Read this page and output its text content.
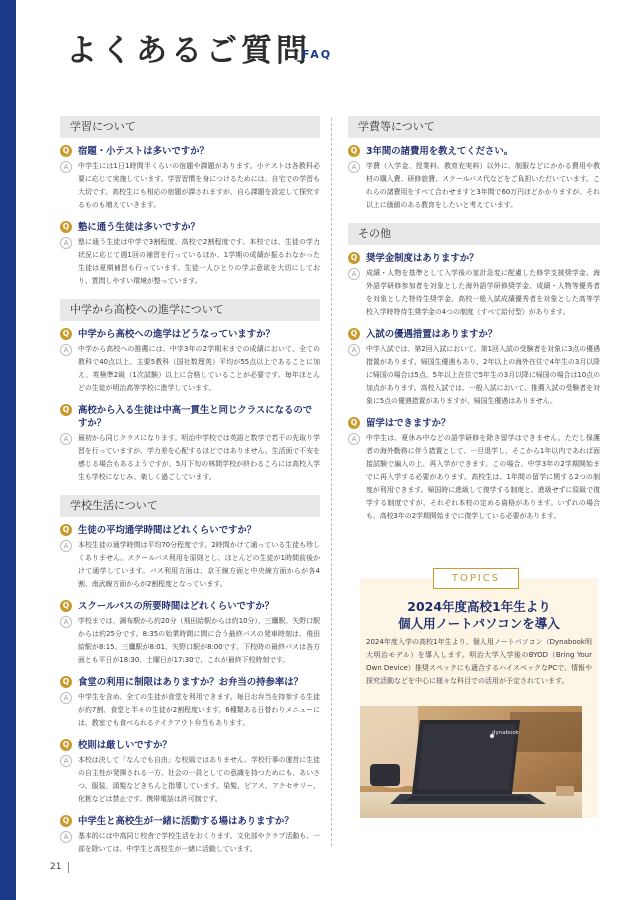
よくあるご質問
FAQ
学習について
Q 宿題・小テストは多いですか？
A	中学生には1日1時間半くらいの宿題や課題があります。小テストは各教科必要に応じて実施しています。学習習慣を身につけるためには、自宅での学習も大切です。高校生にも相応の宿題が課されますが、自ら課題を設定して探究するものも増えていきます。

Q 塾に通う生徒は多いですか？
A	塾に通う生徒は中学で3割程度、高校で2割程度です。本校では、生徒の学力状況に応じて週1回の補習を行っているほか、1学期の成績が振るわなかった生徒は夏期補習も行っています。生徒一人ひとりの学ぶ意欲を大切にしており、質問しやすい環境が整っています。

中学から高校への進学について
Q 中学から高校への進学はどうなっていますか？
A	中学から高校への推薦には、中学3年の2学期末までの成績において、全ての教科で40点以上、主要5教科（国社数理英）平均が55点以上であることに加え、英検準2級（1次試験）以上に合格していることが必要です。毎年ほとんどの生徒が明治高等学校に進学しています。

Q 高校から入る生徒は中高一貫生と同じクラスになるのですか？
A	最初から同じクラスになります。明治中学校では英語と数学で若干の先取り学習を行っていますが、学力差を心配するほどではありません。生活面で不安を感じる場合もあるようですが、5月下旬の林間学校が終わるころには高校入学生も学校になじみ、楽しく過ごしています。

学校生活について
Q 生徒の平均通学時間はどれくらいですか？
A	本校生徒の通学時間は平均70分程度です。2時間かけて通っている生徒も珍しくありません。スクールバス利用を原則とし、ほとんどの生徒が1時間前後かけて通学しています。バス利用方面は、京王線方面と中央線方面からが各4割、南武線方面からが2割程度となっています。

Q スクールバスの所要時間はどれくらいですか？
A	学校までは、調布駅から約20分（飛田給駅からは約10分）、三鷹駅、矢野口駅からは約25分です。8:35の始業時間に間に合う最終バスの発車時刻は、飛田給駅が8:15、三鷹駅が8:01、矢野口駅が8:00です。下校時の最終バスは各方面とも平日が18:30、土曜日が17:30で、これが最終下校時刻です。

Q 食堂の利用に制限はありますか？お弁当の持参率は？
A	中学生を含め、全ての生徒が食堂を利用できます。毎日お弁当を持参する生徒が約7割、食堂と半々の生徒が2割程度います。6種類ある日替わりメニューには、教室でも食べられるテイクアウト弁当もあります。

Q 校則は厳しいですか？
A	本校は決して「なんでも自由」な校風ではありません。学校行事の運営に生徒の自主性が発揮される一方、社会の一員としての意識を持つためにも、あいさつ、服装、頭髪などきちんと指導しています。染髪、ピアス、アクセサリー、化粧などは禁止です。携帯電話は許可制です。

Q 中学生と高校生が一緒に活動する場はありますか？
A	基本的には中高同じ校舎で学校生活をおくります。文化部やクラブ活動も、一部を除いては、中学生と高校生が一緒に活動しています。

学費等について
Q 3年間の諸費用を教えてください。
A	学費（入学金、授業料、教育充実料）以外に、制服などにかかる費用や教材の購入費、研修旅費、スクールバス代などをご負担いただいています。これらの諸費用をすべて合わせますと3年間で60万円ほどかかりますが、それ以上に価値のある教育をしたいと考えています。

その他
Q 奨学金制度はありますか？
A	成績・人物を基準として入学後の家計急変に配慮した修学支援奨学金、海外語学研修参加者を対象とした海外語学研修奨学金、成績・人物等優秀者を対象とした特待生奨学金、高校一般入試成績優秀者を対象とした高等学校入学時特待生奨学金の4つの制度（すべて給付型）があります。

Q 入試の優遇措置はありますか？
A	中学入試では、第2回入試において、第1回入試の受験者を対象に3点の優遇措置があります。帰国生優遇もあり、2年以上の海外在住で4年生の3月以降に帰国の場合は5点、5年以上在住で5年生の3月以降に帰国の場合は10点の加点があります。高校入試では、一般入試において、推薦入試の受験者を対象に5点の優遇措置がありますが、帰国生優遇はありません。

Q 留学はできますか？
A	中学生は、夏休み中などの語学研修を除き留学はできません。ただし保護者の海外勤務に伴う措置として、一旦退学し、そこから1年以内であれば面接試験で編入の上、再入学ができます。この場合、中学3年の2学期開始までに再入学する必要があります。高校生は、1年間の留学に関する2つの制度が利用できます。帰国時に進級して復学する制度と、進級せずに原級で復学する制度ですが、それぞれ本校の定める資格があります。いずれの場合も、高校3年の2学期開始までに復学している必要があります。

TOPICS
2024年度高校1年生より
個人用ノートパソコンを導入

2024年度入学の高校1年生より、個人用ノートパソコン（Dynabook明大明治モデル）を導入します。明治大学入学後のBYOD（Bring Your Own Device）推奨スペックにも適合するハイスペックなPCで、情報や探究活動などを中心に様々な科目での活用が予定されています。

dynabook
21
